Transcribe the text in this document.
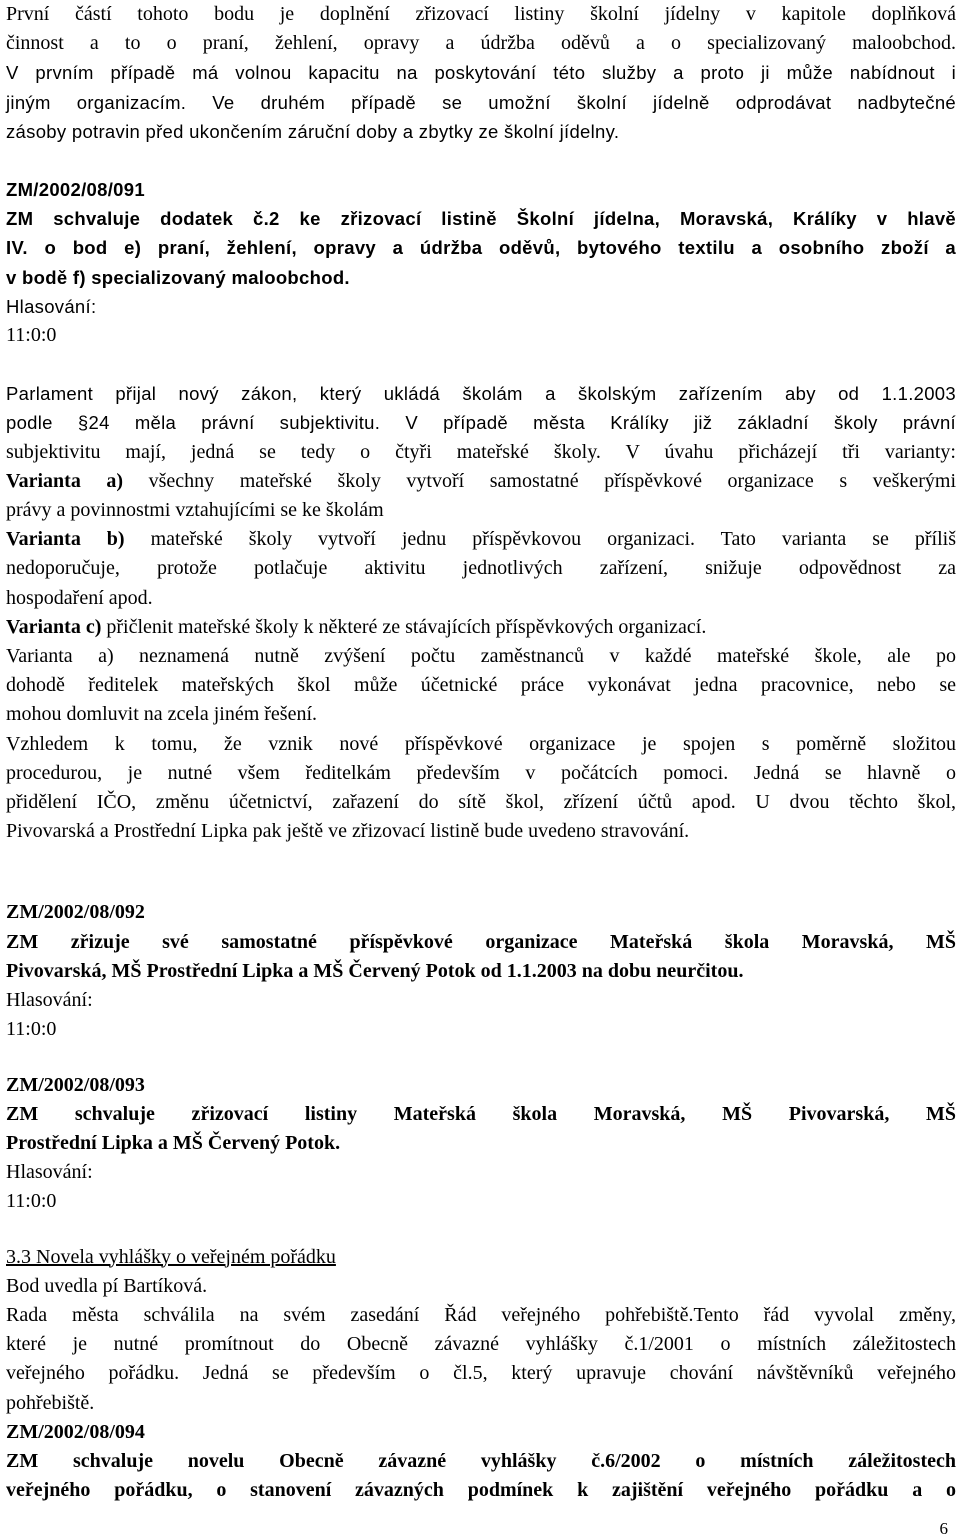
První částí tohoto bodu je doplnění zřizovací listiny školní jídelny v kapitole doplňková
činnost a to o praní, žehlení, opravy a údržba oděvů a o specializovaný maloobchod.
V prvním případě má volnou kapacitu na poskytování této služby a proto ji může nabídnout i
jiným organizacím. Ve druhém případě se umožní školní jídelně odprodávat nadbytečné
zásoby potravin před ukončením záruční doby a zbytky ze školní jídelny.
ZM/2002/08/091
ZM schvaluje dodatek č.2 ke zřizovací listině Školní jídelna, Moravská, Králíky v hlavě
IV. o bod e) praní, žehlení, opravy a údržba oděvů, bytového textilu a osobního zboží a
v bodě f) specializovaný maloobchod.
Hlasování:
11:0:0
Parlament přijal nový zákon, který ukládá školám a školským zařízením aby od 1.1.2003
podle §24 měla právní subjektivitu. V případě města Králíky již základní školy právní
subjektivitu mají, jedná se tedy o čtyři mateřské školy. V úvahu přicházejí tři varianty:
Varianta a) všechny mateřské školy vytvoří samostatné příspěvkové organizace s veškerými
právy a povinnostmi vztahujícími se ke školám
Varianta b) mateřské školy vytvoří jednu příspěvkovou organizaci. Tato varianta se příliš
nedoporučuje, protože potlačuje aktivitu jednotlivých zařízení, snižuje odpovědnost za
hospodaření apod.
Varianta c) přičlenit mateřské školy k některé ze stávajících příspěvkových organizací.
Varianta a) neznamená nutně zvýšení počtu zaměstnanců v každé mateřské škole, ale po
dohodě ředitelek mateřských škol může účetnické práce vykonávat jedna pracovnice, nebo se
mohou domluvit na zcela jiném řešení.
Vzhledem k tomu, že vznik nové příspěvkové organizace je spojen s poměrně složitou
procedurou, je nutné všem ředitelkám především v počátcích pomoci. Jedná se hlavně o
přidělení IČO, změnu účetnictví, zařazení do sítě škol, zřízení účtů apod. U dvou těchto škol,
Pivovarská a Prostřední Lipka pak ještě ve zřizovací listině bude uvedeno stravování.
ZM/2002/08/092
ZM zřizuje své samostatné příspěvkové organizace Mateřská škola Moravská, MŠ
Pivovarská, MŠ Prostřední Lipka a MŠ Červený Potok od 1.1.2003 na dobu neurčitou.
Hlasování:
11:0:0
ZM/2002/08/093
ZM schvaluje zřizovací listiny Mateřská škola Moravská, MŠ Pivovarská, MŠ
Prostřední Lipka a MŠ Červený Potok.
Hlasování:
11:0:0
3.3 Novela vyhlášky o veřejném pořádku
Bod uvedla pí Bartíková.
Rada města schválila na svém zasedání Řád veřejného pohřebiště.Tento řád vyvolal změny,
které je nutné promítnout do Obecně závazné vyhlášky č.1/2001 o místních záležitostech
veřejného pořádku. Jedná se především o čl.5, který upravuje chování návštěvníků veřejného
pohřebiště.
ZM/2002/08/094
ZM schvaluje novelu Obecně závazné vyhlášky č.6/2002 o místních záležitostech
veřejného pořádku, o stanovení závazných podmínek k zajištění veřejného pořádku a o
6
